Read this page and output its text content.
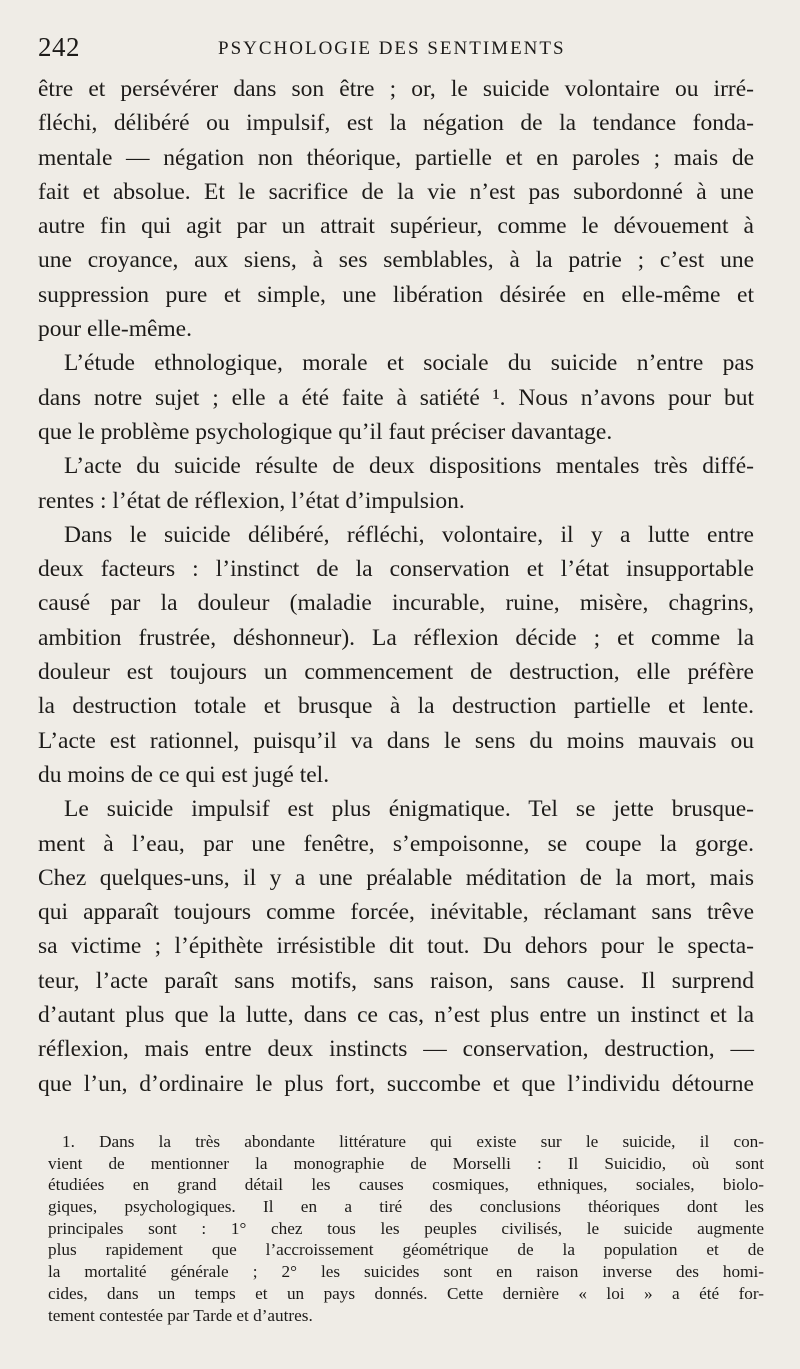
242	PSYCHOLOGIE DES SENTIMENTS
être et persévérer dans son être ; or, le suicide volontaire ou irré-
fléchi, délibéré ou impulsif, est la négation de la tendance fonda-
mentale — négation non théorique, partielle et en paroles ; mais de
fait et absolue. Et le sacrifice de la vie n’est pas subordonné à une
autre fin qui agit par un attrait supérieur, comme le dévouement à
une croyance, aux siens, à ses semblables, à la patrie ; c’est une
suppression pure et simple, une libération désirée en elle-même et
pour elle-même.
L’étude ethnologique, morale et sociale du suicide n’entre pas
dans notre sujet ; elle a été faite à satiété ¹. Nous n’avons pour but
que le problème psychologique qu’il faut préciser davantage.
L’acte du suicide résulte de deux dispositions mentales très diffé-
rentes : l’état de réflexion, l’état d’impulsion.
Dans le suicide délibéré, réfléchi, volontaire, il y a lutte entre
deux facteurs : l’instinct de la conservation et l’état insupportable
causé par la douleur (maladie incurable, ruine, misère, chagrins,
ambition frustrée, déshonneur). La réflexion décide ; et comme la
douleur est toujours un commencement de destruction, elle préfère
la destruction totale et brusque à la destruction partielle et lente.
L’acte est rationnel, puisqu’il va dans le sens du moins mauvais ou
du moins de ce qui est jugé tel.
Le suicide impulsif est plus énigmatique. Tel se jette brusque-
ment à l’eau, par une fenêtre, s’empoisonne, se coupe la gorge.
Chez quelques-uns, il y a une préalable méditation de la mort, mais
qui apparaît toujours comme forcée, inévitable, réclamant sans trêve
sa victime ; l’épithète irrésistible dit tout. Du dehors pour le specta-
teur, l’acte paraît sans motifs, sans raison, sans cause. Il surprend
d’autant plus que la lutte, dans ce cas, n’est plus entre un instinct et la
réflexion, mais entre deux instincts — conservation, destruction, —
que l’un, d’ordinaire le plus fort, succombe et que l’individu détourne
1. Dans la très abondante littérature qui existe sur le suicide, il con-
vient de mentionner la monographie de Morselli : Il Suicidio, où sont
étudiées en grand détail les causes cosmiques, ethniques, sociales, biolo-
giques, psychologiques. Il en a tiré des conclusions théoriques dont les
principales sont : 1° chez tous les peuples civilisés, le suicide augmente
plus rapidement que l’accroissement géométrique de la population et de
la mortalité générale ; 2° les suicides sont en raison inverse des homi-
cides, dans un temps et un pays donnés. Cette dernière « loi » a été for-
tement contestée par Tarde et d’autres.
